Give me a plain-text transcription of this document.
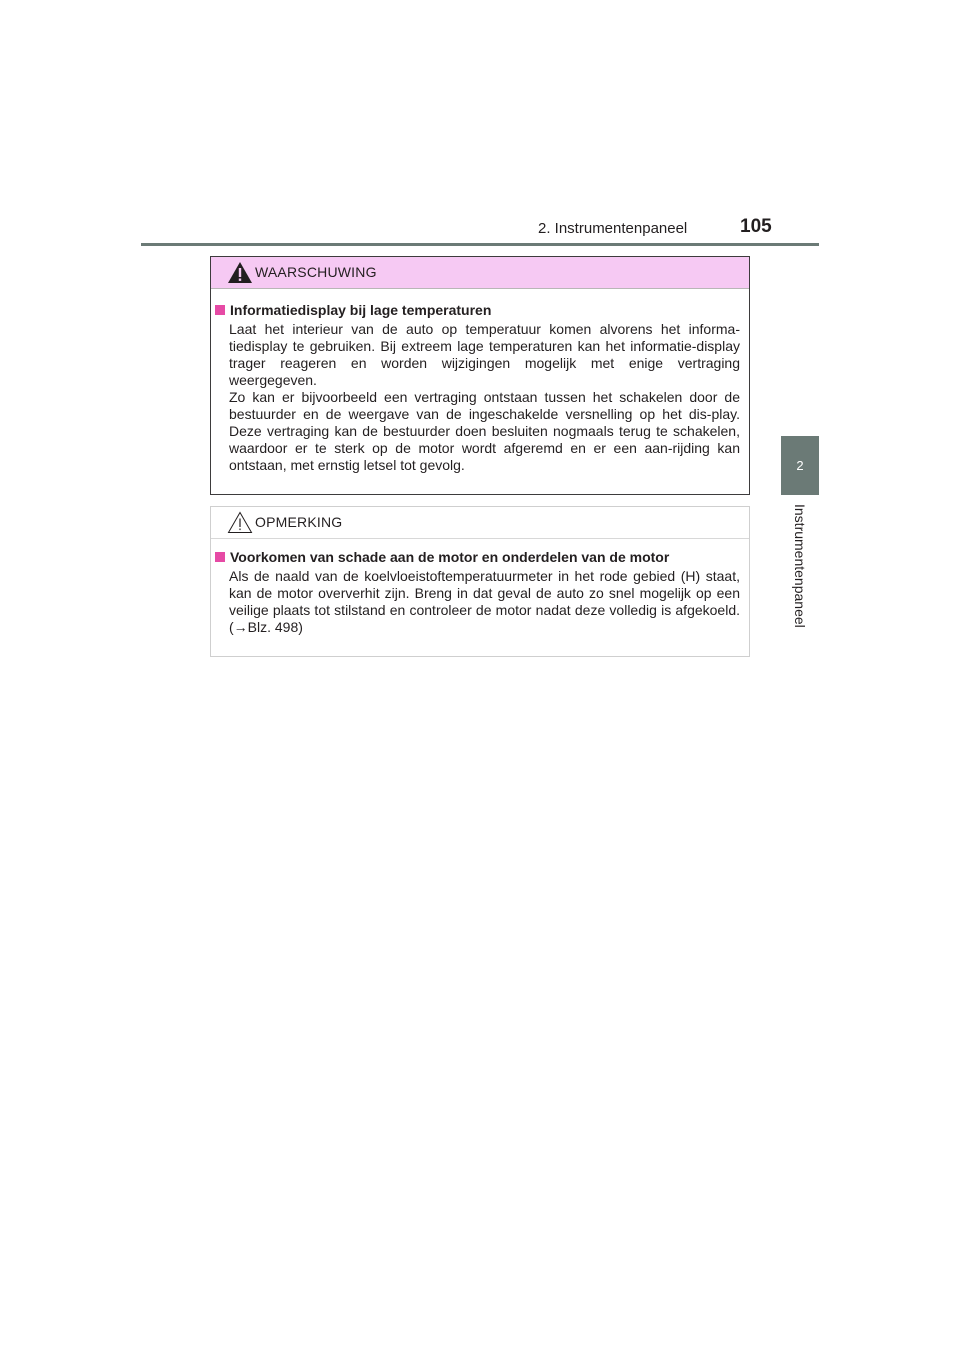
2. Instrumentenpaneel	105
2
Instrumentenpaneel
WAARSCHUWING
Informatiedisplay bij lage temperaturen

Laat het interieur van de auto op temperatuur komen alvorens het informa-tiedisplay te gebruiken. Bij extreem lage temperaturen kan het informatie-display trager reageren en worden wijzigingen mogelijk met enige vertraging weergegeven.

Zo kan er bijvoorbeeld een vertraging ontstaan tussen het schakelen door de bestuurder en de weergave van de ingeschakelde versnelling op het dis-play. Deze vertraging kan de bestuurder doen besluiten nogmaals terug te schakelen, waardoor er te sterk op de motor wordt afgeremd en er een aan-rijding kan ontstaan, met ernstig letsel tot gevolg.

OPMERKING
Voorkomen van schade aan de motor en onderdelen van de motor

Als de naald van de koelvloeistoftemperatuurmeter in het rode gebied (H) staat, kan de motor oververhit zijn. Breng in dat geval de auto zo snel mogelijk op een veilige plaats tot stilstand en controleer de motor nadat deze volledig is afgekoeld. (→Blz. 498)
